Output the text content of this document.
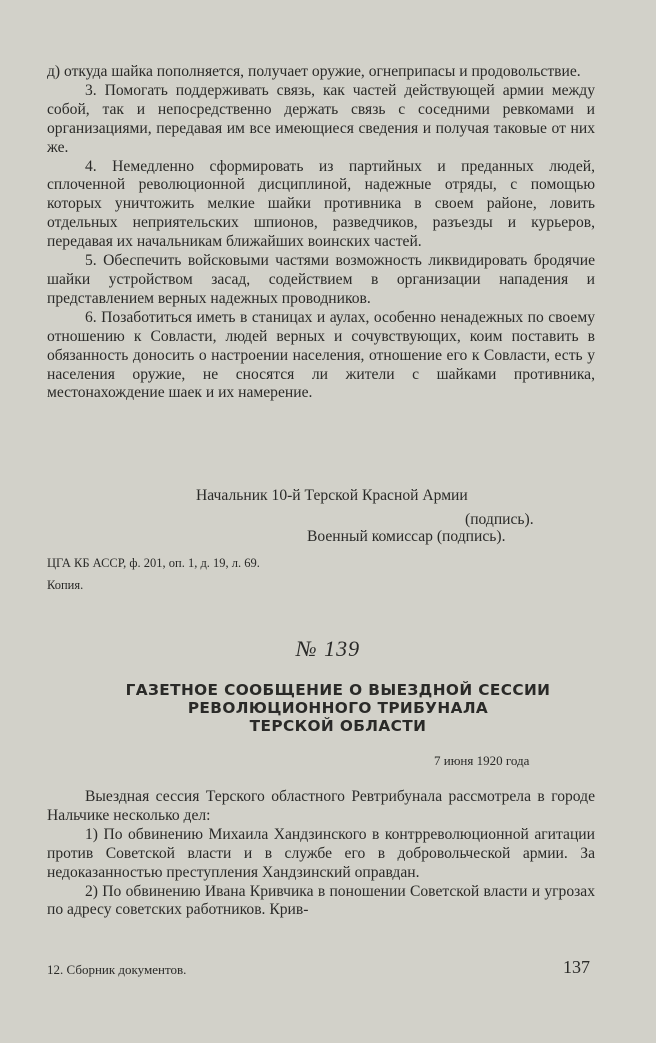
д) откуда шайка пополняется, получает оружие, огнеприпасы и продовольствие.

3. Помогать поддерживать связь, как частей действующей армии между собой, так и непосредственно держать связь с соседними ревкомами и организациями, передавая им все имеющиеся сведения и получая таковые от них же.

4. Немедленно сформировать из партийных и преданных людей, сплоченной революционной дисциплиной, надежные отряды, с помощью которых уничтожить мелкие шайки противника в своем районе, ловить отдельных неприятельских шпионов, разведчиков, разъезды и курьеров, передавая их начальникам ближайших воинских частей.

5. Обеспечить войсковыми частями возможность ликвидировать бродячие шайки устройством засад, содействием в организации нападения и представлением верных надежных проводников.

6. Позаботиться иметь в станицах и аулах, особенно ненадежных по своему отношению к Совласти, людей верных и сочувствующих, коим поставить в обязанность доносить о настроении населения, отношение его к Совласти, есть у населения оружие, не сносятся ли жители с шайками противника, местонахождение шаек и их намерение.

Начальник 10-й Терской Красной Армии
(подпись).
Военный комиссар (подпись).
ЦГА КБ АССР, ф. 201, оп. 1, д. 19, л. 69.
Копия.
№ 139
ГАЗЕТНОЕ СООБЩЕНИЕ О ВЫЕЗДНОЙ СЕССИИ
РЕВОЛЮЦИОННОГО ТРИБУНАЛА
ТЕРСКОЙ ОБЛАСТИ
7 июня 1920 года

Выездная сессия Терского областного Ревтрибунала рассмотрела в городе Нальчике несколько дел:

1) По обвинению Михаила Хандзинского в контрреволюционной агитации против Советской власти и в службе его в добровольческой армии. За недоказанностью преступления Хандзинский оправдан.

2) По обвинению Ивана Кривчика в поношении Советской власти и угрозах по адресу советских работников. Крив-

12. Сборник документов.	137
